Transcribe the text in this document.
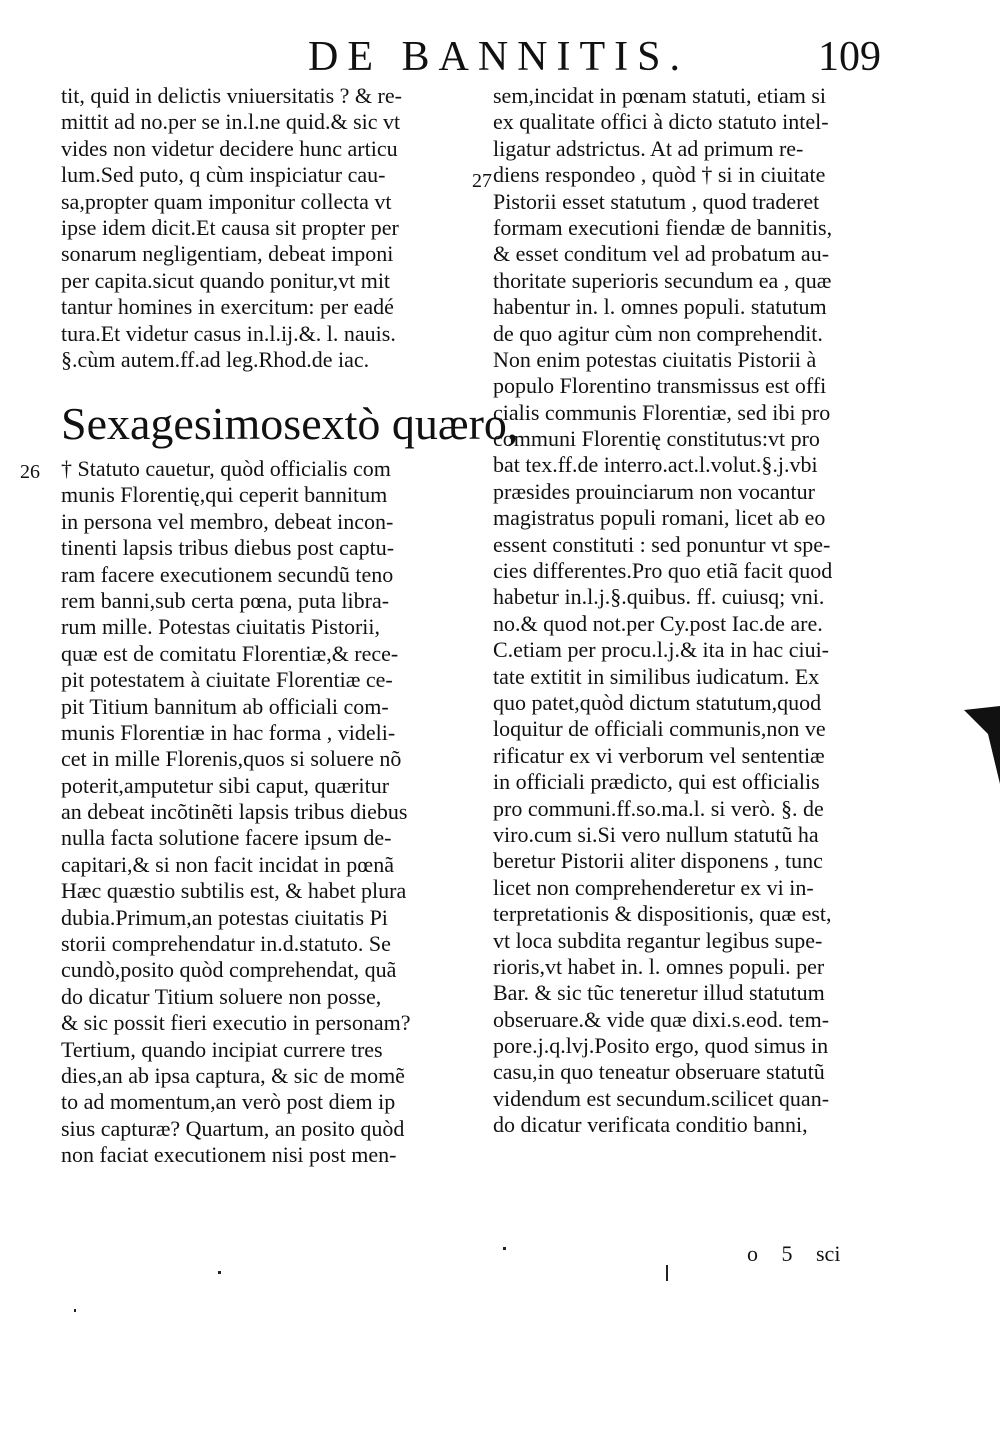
DE BANNITIS.	109
tit, quid in delictis vniuersitatis ? & re-
mittit ad no.per se in.l.ne quid.& sic vt
vides non videtur decidere hunc articu
lum.Sed puto, q cùm inspiciatur cau-
sa,propter quam imponitur collecta vt
ipse idem dicit.Et causa sit propter per
sonarum negligentiam, debeat imponi
per capita.sicut quando ponitur,vt mit
tantur homines in exercitum: per eadé
tura.Et videtur casus in.l.ij.&. l. nauis.
§.cùm autem.ff.ad leg.Rhod.de iac.
Sexagesimosextò quæro,
26 † Statuto cauetur, quòd officialis com
munis Florentię,qui ceperit bannitum
in persona vel membro, debeat incon-
tinenti lapsis tribus diebus post captu-
ram facere executionem secundũ teno
rem banni,sub certa pœna, puta libra-
rum mille. Potestas ciuitatis Pistorii,
quæ est de comitatu Florentiæ,& rece-
pit potestatem à ciuitate Florentiæ ce-
pit Titium bannitum ab officiali com-
munis Florentiæ in hac forma , videli-
cet in mille Florenis,quos si soluere nõ
poterit,amputetur sibi caput, quæritur
an debeat incõtinẽti lapsis tribus diebus
nulla facta solutione facere ipsum de-
capitari,& si non facit incidat in pœnã
Hæc quæstio subtilis est, & habet plura
dubia.Primum,an potestas ciuitatis Pi
storii comprehendatur in.d.statuto. Se
cundò,posito quòd comprehendat, quã
do dicatur Titium soluere non posse,
& sic possit fieri executio in personam?
Tertium, quando incipiat currere tres
dies,an ab ipsa captura, & sic de momẽ
to ad momentum,an verò post diem ip
sius capturæ? Quartum, an posito quòd
non faciat executionem nisi post men-
27
sem,incidat in pœnam statuti, etiam si
ex qualitate offici à dicto statuto intel-
ligatur adstrictus. At ad primum re-
diens respondeo , quòd † si in ciuitate
Pistorii esset statutum , quod traderet
formam executioni fiendæ de bannitis,
& esset conditum vel ad probatum au-
thoritate superioris secundum ea , quæ
habentur in. l. omnes populi. statutum
de quo agitur cùm non comprehendit.
Non enim potestas ciuitatis Pistorii à
populo Florentino transmissus est offi
cialis communis Florentiæ, sed ibi pro
communi Florentię constitutus:vt pro
bat tex.ff.de interro.act.l.volut.§.j.vbi
præsides prouinciarum non vocantur
magistratus populi romani, licet ab eo
essent constituti : sed ponuntur vt spe-
cies differentes.Pro quo etiã facit quod
habetur in.l.j.§.quibus. ff. cuiusq; vni.
no.& quod not.per Cy.post Iac.de are.
C.etiam per procu.l.j.& ita in hac ciui-
tate extitit in similibus iudicatum. Ex
quo patet,quòd dictum statutum,quod
loquitur de officiali communis,non ve
rificatur ex vi verborum vel sententiæ
in officiali prædicto, qui est officialis
pro communi.ff.so.ma.l. si verò. §. de
viro.cum si.Si vero nullum statutũ ha
beretur Pistorii aliter disponens , tunc
licet non comprehenderetur ex vi in-
terpretationis & dispositionis, quæ est,
vt loca subdita regantur legibus supe-
rioris,vt habet in. l. omnes populi. per
Bar. & sic tũc teneretur illud statutum
obseruare.& vide quæ dixi.s.eod. tem-
pore.j.q.lvj.Posito ergo, quod simus in
casu,in quo teneatur obseruare statutũ
videndum est secundum.scilicet quan-
do dicatur verificata conditio banni,
o 5 sci
